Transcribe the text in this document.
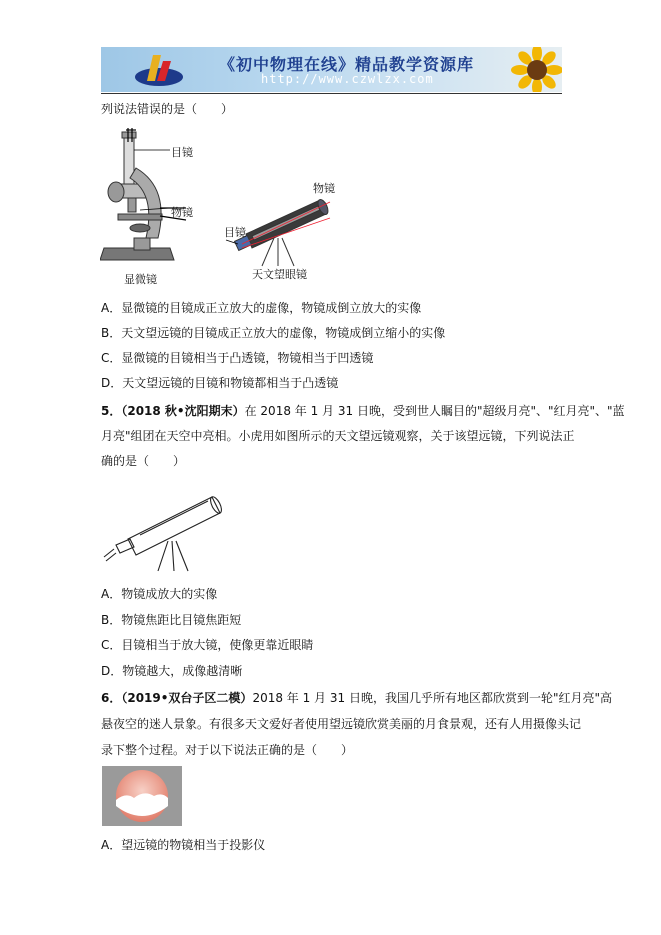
《初中物理在线》精品教学资源库
http://www.czwlzx.com
列说法错误的是（　　）
目镜
物镜
显微镜
物镜
目镜
天文望眼镜
A．显微镜的目镜成正立放大的虚像，物镜成倒立放大的实像
B．天文望远镜的目镜成正立放大的虚像，物镜成倒立缩小的实像
C．显微镜的目镜相当于凸透镜，物镜相当于凹透镜
D．天文望远镜的目镜和物镜都相当于凸透镜
5．（2018 秋•沈阳期末）在 2018 年 1 月 31 日晚，受到世人瞩目的"超级月亮"、"红月亮"、"蓝
月亮"组团在天空中亮相。小虎用如图所示的天文望远镜观察，关于该望远镜，下列说法正
确的是（　　）
A．物镜成放大的实像
B．物镜焦距比目镜焦距短
C．目镜相当于放大镜，使像更靠近眼睛
D．物镜越大，成像越清晰
6．（2019•双台子区二模）2018 年 1 月 31 日晚，我国几乎所有地区都欣赏到一轮"红月亮"高
悬夜空的迷人景象。有很多天文爱好者使用望远镜欣赏美丽的月食景观，还有人用摄像头记
录下整个过程。对于以下说法正确的是（　　）
A．望远镜的物镜相当于投影仪
